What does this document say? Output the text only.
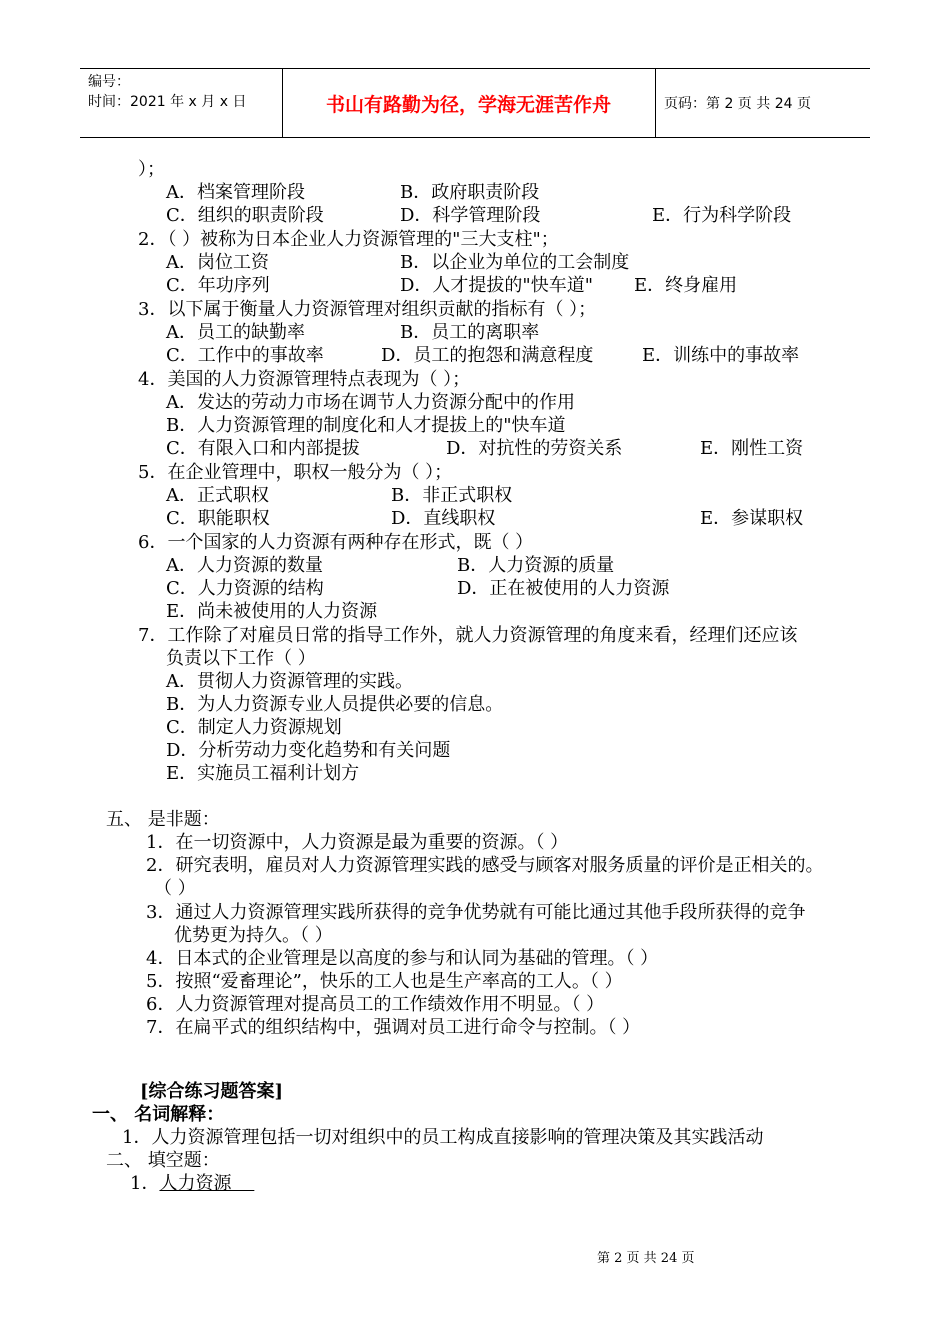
编号：
时间：2021 年 x 月 x 日	书山有路勤为径，学海无涯苦作舟	页码：第 2 页 共 24 页
）；
A．档案管理阶段	B．政府职责阶段
C．组织的职责阶段	D．科学管理阶段	E．行为科学阶段
2．（ ）被称为日本企业人力资源管理的"三大支柱"；
A．岗位工资	B．以企业为单位的工会制度
C．年功序列	D．人才提拔的"快车道" E．终身雇用
3．以下属于衡量人力资源管理对组织贡献的指标有（ ）；
A．员工的缺勤率	B．员工的离职率
C．工作中的事故率	D．员工的抱怨和满意程度	E．训练中的事故率
4．美国的人力资源管理特点表现为（ ）；
A．发达的劳动力市场在调节人力资源分配中的作用
B．人力资源管理的制度化和人才提拔上的"快车道
C．有限入口和内部提拔	D．对抗性的劳资关系	E．刚性工资
5．在企业管理中，职权一般分为（ ）；
A．正式职权	B．非正式职权
C．职能职权	D．直线职权	E．参谋职权
6．一个国家的人力资源有两种存在形式，既（ ）
A．人力资源的数量	B．人力资源的质量
C．人力资源的结构	D．正在被使用的人力资源
E．尚未被使用的人力资源
7．工作除了对雇员日常的指导工作外，就人力资源管理的角度来看，经理们还应该
负责以下工作（ ）
A．贯彻人力资源管理的实践。
B．为人力资源专业人员提供必要的信息。
C．制定人力资源规划
D．分析劳动力变化趋势和有关问题
E．实施员工福利计划方
五、 是非题：
1．在一切资源中，人力资源是最为重要的资源。（ ）
2．研究表明，雇员对人力资源管理实践的感受与顾客对服务质量的评价是正相关的。
（ ）
3．通过人力资源管理实践所获得的竞争优势就有可能比通过其他手段所获得的竞争
优势更为持久。（ ）
4．日本式的企业管理是以高度的参与和认同为基础的管理。（ ）
5．按照“爱畜理论”，快乐的工人也是生产率高的工人。（ ）
6．人力资源管理对提高员工的工作绩效作用不明显。（ ）
7．在扁平式的组织结构中，强调对员工进行命令与控制。（ ）
[综合练习题答案]
一、 名词解释：
1．人力资源管理包括一切对组织中的员工构成直接影响的管理决策及其实践活动
二、 填空题：
1．人力资源
第 2 页 共 24 页
